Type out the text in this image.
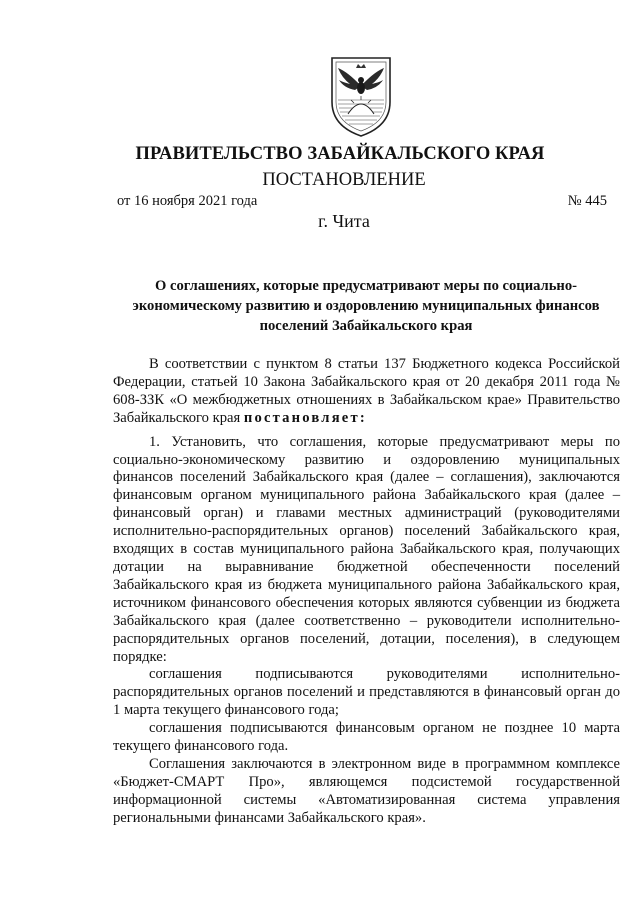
ПРАВИТЕЛЬСТВО ЗАБАЙКАЛЬСКОГО КРАЯ
ПОСТАНОВЛЕНИЕ
от 16 ноября 2021 года	№ 445
г. Чита
О соглашениях, которые предусматривают меры по социально-экономическому развитию и оздоровлению муниципальных финансов поселений Забайкальского края

В соответствии с пунктом 8 статьи 137 Бюджетного кодекса Российской Федерации, статьей 10 Закона Забайкальского края от 20 декабря 2011 года № 608-ЗЗК «О межбюджетных отношениях в Забайкальском крае» Правительство Забайкальского края постановляет:

1. Установить, что соглашения, которые предусматривают меры по социально-экономическому развитию и оздоровлению муниципальных финансов поселений Забайкальского края (далее – соглашения), заключаются финансовым органом муниципального района Забайкальского края (далее – финансовый орган) и главами местных администраций (руководителями исполнительно-распорядительных органов) поселений Забайкальского края, входящих в состав муниципального района Забайкальского края, получающих дотации на выравнивание бюджетной обеспеченности поселений Забайкальского края из бюджета муниципального района Забайкальского края, источником финансового обеспечения которых являются субвенции из бюджета Забайкальского края (далее соответственно – руководители исполнительно-распорядительных органов поселений, дотации, поселения), в следующем порядке:

соглашения подписываются руководителями исполнительно-распорядительных органов поселений и представляются в финансовый орган до 1 марта текущего финансового года;

соглашения подписываются финансовым органом не позднее 10 марта текущего финансового года.

Соглашения заключаются в электронном виде в программном комплексе «Бюджет-СМАРТ Про», являющемся подсистемой государственной информационной системы «Автоматизированная система управления региональными финансами Забайкальского края».
